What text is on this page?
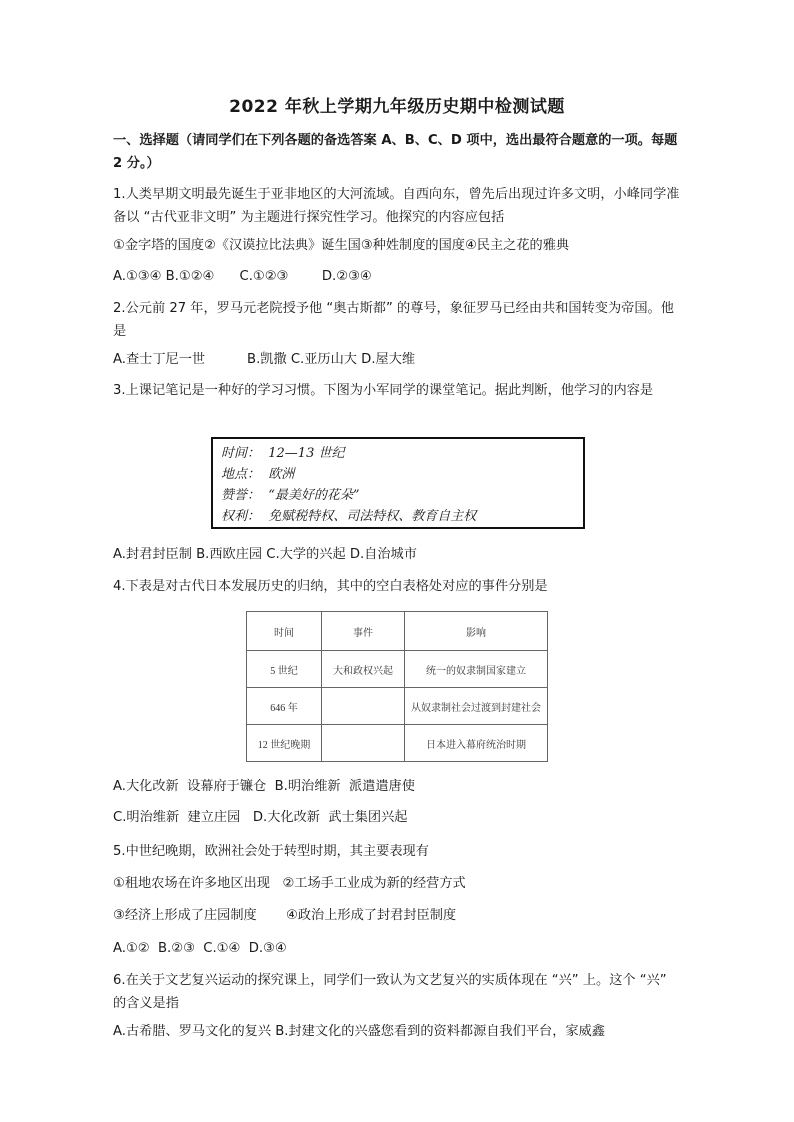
2022 年秋上学期九年级历史期中检测试题
一、选择题（请同学们在下列各题的备选答案 A、B、C、D 项中，选出最符合题意的一项。每题 2 分。）
1.人类早期文明最先诞生于亚非地区的大河流域。自西向东，曾先后出现过许多文明，小峰同学准备以 “古代亚非文明” 为主题进行探究性学习。他探究的内容应包括
①金字塔的国度②《汉谟拉比法典》诞生国③种姓制度的国度④民主之花的雅典
A.①③④ B.①②④      C.①②③        D.②③④
2.公元前 27 年，罗马元老院授予他 “奥古斯都” 的尊号，象征罗马已经由共和国转变为帝国。他是
A.查士丁尼一世          B.凯撒 C.亚历山大 D.屋大维
3.上课记笔记是一种好的学习习惯。下图为小军同学的课堂笔记。据此判断，他学习的内容是
时间：  12—13 世纪
地点：  欧洲
赞誉：  “最美好的花朵”
权利：  免赋税特权、司法特权、教育自主权
A.封君封臣制 B.西欧庄园 C.大学的兴起 D.自治城市
4.下表是对古代日本发展历史的归纳，其中的空白表格处对应的事件分别是
时间	事件	影响
5 世纪	大和政权兴起	统一的奴隶制国家建立
646 年		从奴隶制社会过渡到封建社会
12 世纪晚期		日本进入幕府统治时期
A.大化改新  设幕府于镰仓  B.明治维新  派遣遣唐使
C.明治维新  建立庄园   D.大化改新  武士集团兴起
5.中世纪晚期，欧洲社会处于转型时期，其主要表现有
①租地农场在许多地区出现   ②工场手工业成为新的经营方式
③经济上形成了庄园制度       ④政治上形成了封君封臣制度
A.①②  B.②③  C.①④  D.③④
6.在关于文艺复兴运动的探究课上，同学们一致认为文艺复兴的实质体现在 “兴” 上。这个 “兴” 的含义是指
A.古希腊、罗马文化的复兴 B.封建文化的兴盛您看到的资料都源自我们平台，家威鑫
